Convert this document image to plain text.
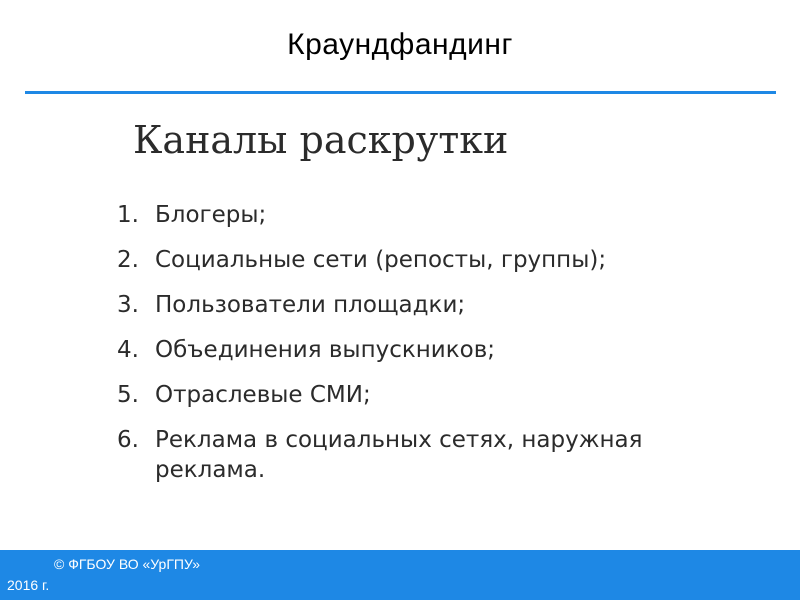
Краундфандинг
Каналы раскрутки
1. Блогеры;
2. Социальные сети (репосты, группы);
3. Пользователи площадки;
4. Объединения выпускников;
5. Отраслевые СМИ;
6. Реклама в социальных сетях, наружная реклама.
© ФГБОУ ВО «УрГПУ»
2016 г.
